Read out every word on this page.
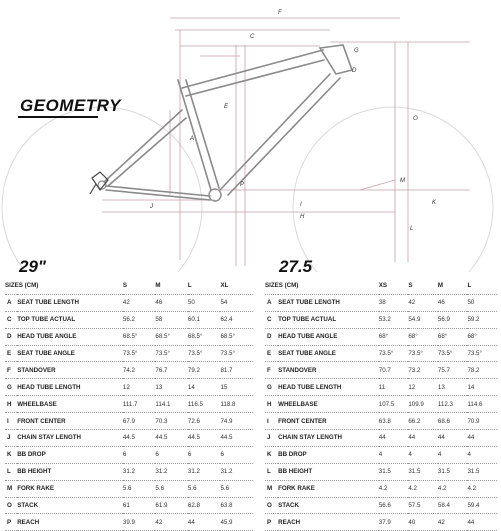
F
C
D
G
E
A
J	I
H
M
L
K
O
P
GEOMETRY
29"
SIZES (CM)		S	M	L	XL
A	SEAT TUBE LENGTH	42	46	50	54
C	TOP TUBE ACTUAL	56.2	58	60.1	62.4
D	HEAD TUBE ANGLE	68.5°	68.5°	68.5°	68.5°
E	SEAT TUBE ANGLE	73.5°	73.5°	73.5°	73.5°
F	STANDOVER	74.2	76.7	79.2	81.7
G	HEAD TUBE LENGTH	12	13	14	15
H	WHEELBASE	111.7	114.1	116.5	118.8
I	FRONT CENTER	67.9	70.3	72.6	74.9
J	CHAIN STAY LENGTH	44.5	44.5	44.5	44.5
K	BB DROP	6	6	6	6
L	BB HEIGHT	31.2	31.2	31.2	31.2
M	FORK RAKE	5.6	5.6	5.6	5.6
O	STACK	61	61.9	62.8	63.8
P	REACH	39.9	42	44	45.9
27.5
SIZES (CM)		XS	S	M	L
A	SEAT TUBE LENGTH	38	42	46	50
C	TOP TUBE ACTUAL	53.2	54.9	56.9	59.2
D	HEAD TUBE ANGLE	68°	68°	68°	68°
E	SEAT TUBE ANGLE	73.5°	73.5°	73.5°	73.5°
F	STANDOVER	70.7	73.2	75.7	78.2
G	HEAD TUBE LENGTH	11	12	13	14
H	WHEELBASE	107.5	109.9	112.3	114.6
I	FRONT CENTER	63.8	66.2	68.6	70.9
J	CHAIN STAY LENGTH	44	44	44	44
K	BB DROP	4	4	4	4
L	BB HEIGHT	31.5	31.5	31.5	31.5
M	FORK RAKE	4.2	4.2	4.2	4.2
O	STACK	56.6	57.5	58.4	59.4
P	REACH	37.9	40	42	44
